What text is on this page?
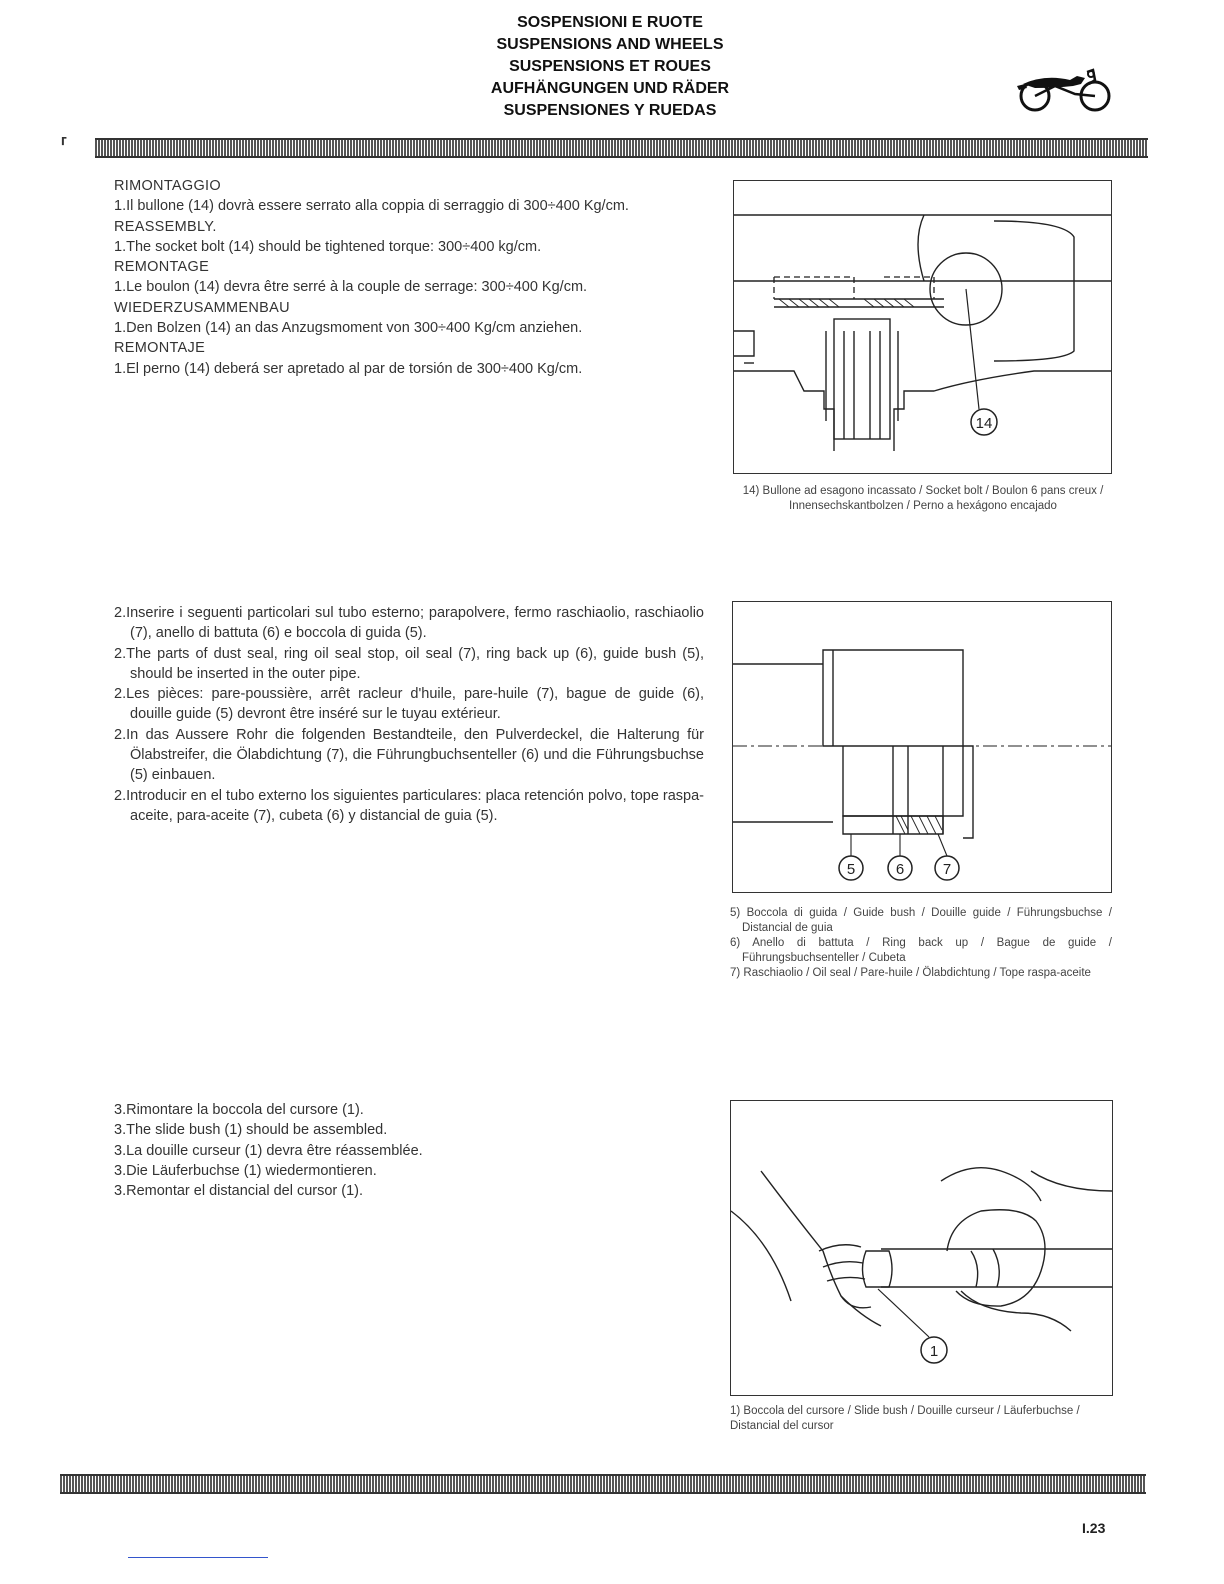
SOSPENSIONI E RUOTE
SUSPENSIONS AND WHEELS
SUSPENSIONS ET ROUES
AUFHÄNGUNGEN UND RÄDER
SUSPENSIONES Y RUEDAS
⸢
RIMONTAGGIO

1.Il bullone (14) dovrà essere serrato alla coppia di serraggio di 300÷400 Kg/cm.

REASSEMBLY.

1.The socket bolt (14) should be tightened torque: 300÷400 kg/cm.

REMONTAGE

1.Le boulon (14) devra être serré à la couple de serrage: 300÷400 Kg/cm.

WIEDERZUSAMMENBAU

1.Den Bolzen (14) an das Anzugsmoment von 300÷400 Kg/cm anziehen.

REMONTAJE

1.El perno (14) deberá ser apretado al par de torsión de 300÷400 Kg/cm.

14
14) Bullone ad esagono incassato / Socket bolt / Boulon 6 pans creux / Innensechskantbolzen / Perno a hexágono encajado

2.Inserire i seguenti particolari sul tubo esterno; parapolvere, fermo raschiaolio, raschiaolio (7), anello di battuta (6) e boccola di guida (5).

2.The parts of dust seal, ring oil seal stop, oil seal (7), ring back up (6), guide bush (5), should be inserted in the outer pipe.

2.Les pièces: pare-poussière, arrêt racleur d'huile, pare-huile (7), bague de guide (6), douille guide (5) devront être inséré sur le tuyau extérieur.

2.In das Aussere Rohr die folgenden Bestandteile, den Pulverdeckel, die Halterung für Ölabstreifer, die Ölabdichtung (7), die Führungbuchsenteller (6) und die Führungsbuchse (5) einbauen.

2.Introducir en el tubo externo los siguientes particulares: placa retención polvo, tope raspa-aceite, para-aceite (7), cubeta (6) y distancial de guia (5).

5	6	7

5) Boccola di guida / Guide bush / Douille guide / Führungsbuchse / Distancial de guia

6) Anello di battuta / Ring back up / Bague de guide / Führungsbuchsenteller / Cubeta

7) Raschiaolio / Oil seal / Pare-huile / Ölabdichtung / Tope raspa-aceite

3.Rimontare la boccola del cursore (1).

3.The slide bush (1) should be assembled.

3.La douille curseur (1) devra être réassemblée.

3.Die Läuferbuchse (1) wiedermontieren.

3.Remontar el distancial del cursor (1).

1
1) Boccola del cursore / Slide bush / Douille curseur / Läuferbuchse / Distancial del cursor
I.23
